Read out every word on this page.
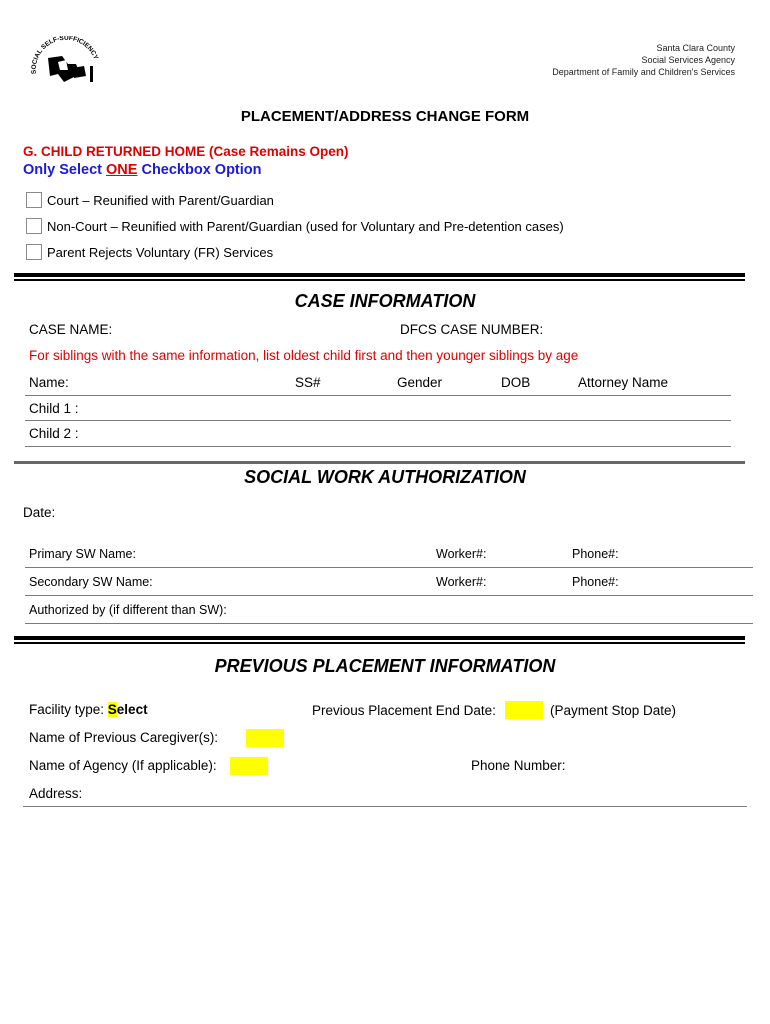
SOCIAL SELF-SUFFICIENCY
Santa Clara County
Social Services Agency
Department of Family and Children's Services
PLACEMENT/ADDRESS CHANGE FORM
G. CHILD RETURNED HOME (Case Remains Open)
Only Select ONE Checkbox Option
Court – Reunified with Parent/Guardian
Non-Court – Reunified with Parent/Guardian (used for Voluntary and Pre-detention cases)
Parent Rejects Voluntary (FR) Services
CASE INFORMATION
CASE NAME:	DFCS CASE NUMBER:
For siblings with the same information, list oldest child first and then younger siblings by age
Name:	SS#	Gender	DOB	Attorney Name
Child 1 :
Child 2 :
SOCIAL WORK AUTHORIZATION
Date:
Primary SW Name:	Worker#:	Phone#:
Secondary SW Name:	Worker#:	Phone#:
Authorized by (if different than SW):
PREVIOUS PLACEMENT INFORMATION
Facility type: Select	Previous Placement End Date:	(Payment Stop Date)
Name of Previous Caregiver(s):
Name of Agency (If applicable):	Phone Number:
Address:
